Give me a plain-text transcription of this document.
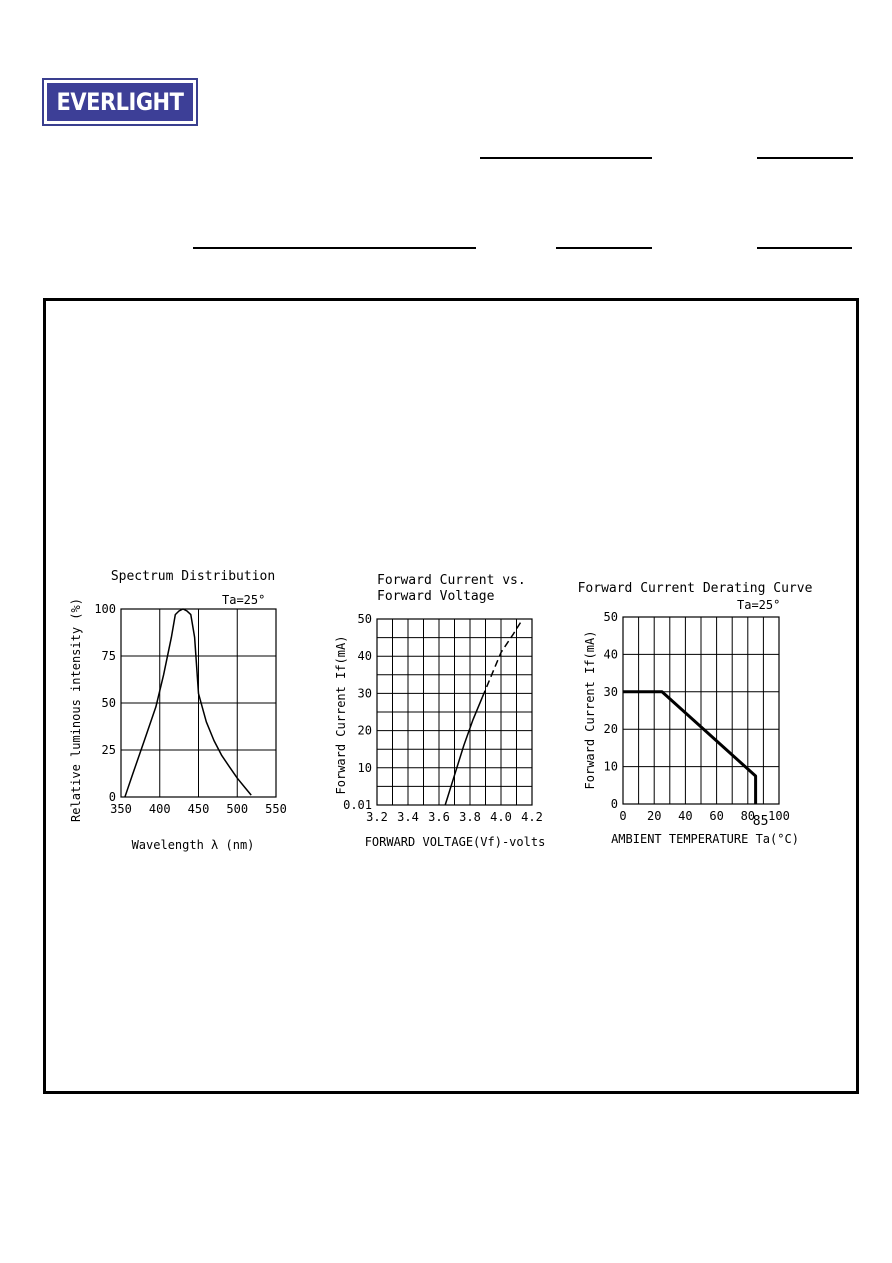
EVERLIGHT
350 400 450 500 550
0
25
50
75
100
Spectrum Distribution
Ta=25°
Wavelength λ (nm)
Relative luminous intensity (%)	3.2 3.4 3.6 3.8 4.0 4.2
0.01
10
20
30
40
50
Forward Current vs.
Forward Voltage
FORWARD VOLTAGE(Vf)-volts
Forward Current If(mA)
0 20 40 60 80 100
0
10
20
30
40
50
Forward Current Derating Curve
Ta=25°
AMBIENT TEMPERATURE Ta(°C)
Forward Current If(mA)
85
